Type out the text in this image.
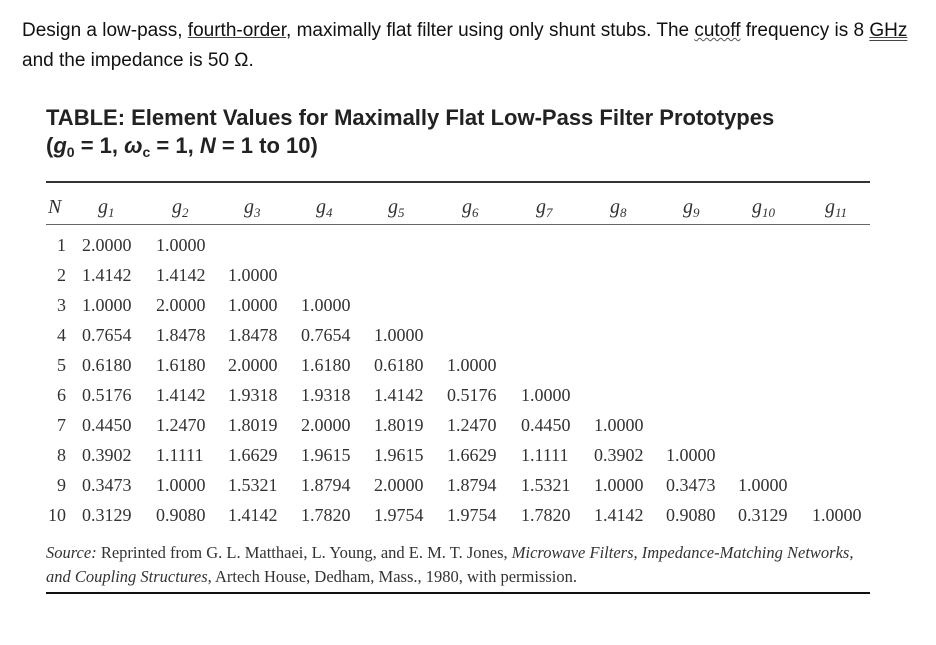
Design a low-pass, fourth-order, maximally flat filter using only shunt stubs. The cutoff frequency is 8 GHz and the impedance is 50 Ω.
TABLE: Element Values for Maximally Flat Low-Pass Filter Prototypes
($g_0 = 1$, $\omega_c = 1$, N = 1 to 10)
N $g_1$	$g_2$	$g_3$	$g_4$	$g_5$	$g_6$	$g_7$	$g_8$	$g_9$	$g_{10}$	$g_{11}$
1 2.0000 1.0000
2 1.4142 1.4142 1.0000
3 1.0000 2.0000 1.0000 1.0000
4 0.7654 1.8478 1.8478 0.7654 1.0000
5 0.6180 1.6180 2.0000 1.6180 0.6180 1.0000
6 0.5176 1.4142 1.9318 1.9318 1.4142 0.5176 1.0000
7 0.4450 1.2470 1.8019 2.0000 1.8019 1.2470 0.4450 1.0000
8 0.3902 1.1111 1.6629 1.9615 1.9615 1.6629 1.1111 0.3902 1.0000
9 0.3473 1.0000 1.5321 1.8794 2.0000 1.8794 1.5321 1.0000 0.3473 1.0000
10 0.3129 0.9080 1.4142 1.7820 1.9754 1.9754 1.7820 1.4142 0.9080 0.3129 1.0000
Source: Reprinted from G. L. Matthaei, L. Young, and E. M. T. Jones, Microwave Filters, Impedance-Matching Networks, and Coupling Structures, Artech House, Dedham, Mass., 1980, with permission.
